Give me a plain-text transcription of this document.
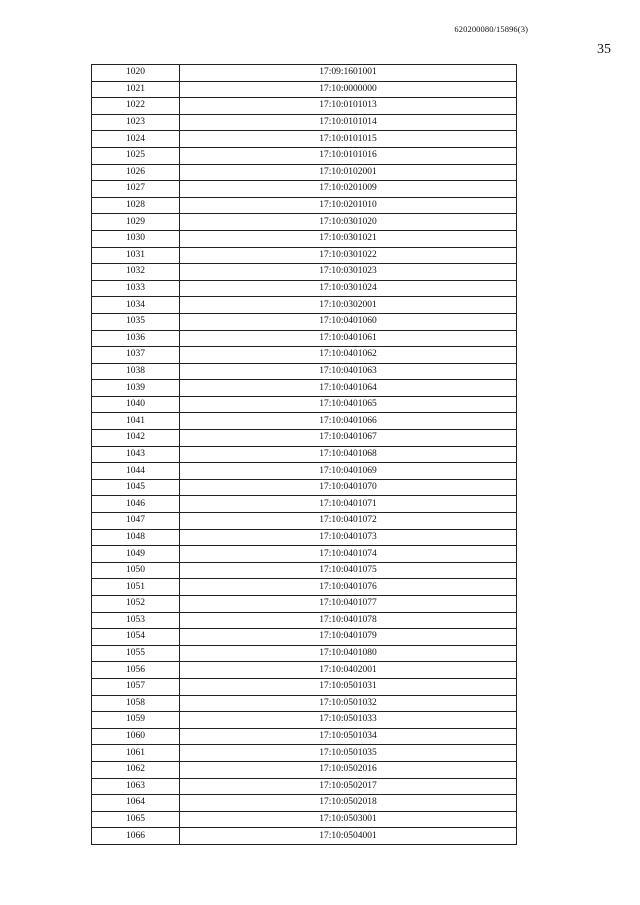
620200080/15896(3)
35
1020	17:09:1601001
1021	17:10:0000000
1022	17:10:0101013
1023	17:10:0101014
1024	17:10:0101015
1025	17:10:0101016
1026	17:10:0102001
1027	17:10:0201009
1028	17:10:0201010
1029	17:10:0301020
1030	17:10:0301021
1031	17:10:0301022
1032	17:10:0301023
1033	17:10:0301024
1034	17:10:0302001
1035	17:10:0401060
1036	17:10:0401061
1037	17:10:0401062
1038	17:10:0401063
1039	17:10:0401064
1040	17:10:0401065
1041	17:10:0401066
1042	17:10:0401067
1043	17:10:0401068
1044	17:10:0401069
1045	17:10:0401070
1046	17:10:0401071
1047	17:10:0401072
1048	17:10:0401073
1049	17:10:0401074
1050	17:10:0401075
1051	17:10:0401076
1052	17:10:0401077
1053	17:10:0401078
1054	17:10:0401079
1055	17:10:0401080
1056	17:10:0402001
1057	17:10:0501031
1058	17:10:0501032
1059	17:10:0501033
1060	17:10:0501034
1061	17:10:0501035
1062	17:10:0502016
1063	17:10:0502017
1064	17:10:0502018
1065	17:10:0503001
1066	17:10:0504001
